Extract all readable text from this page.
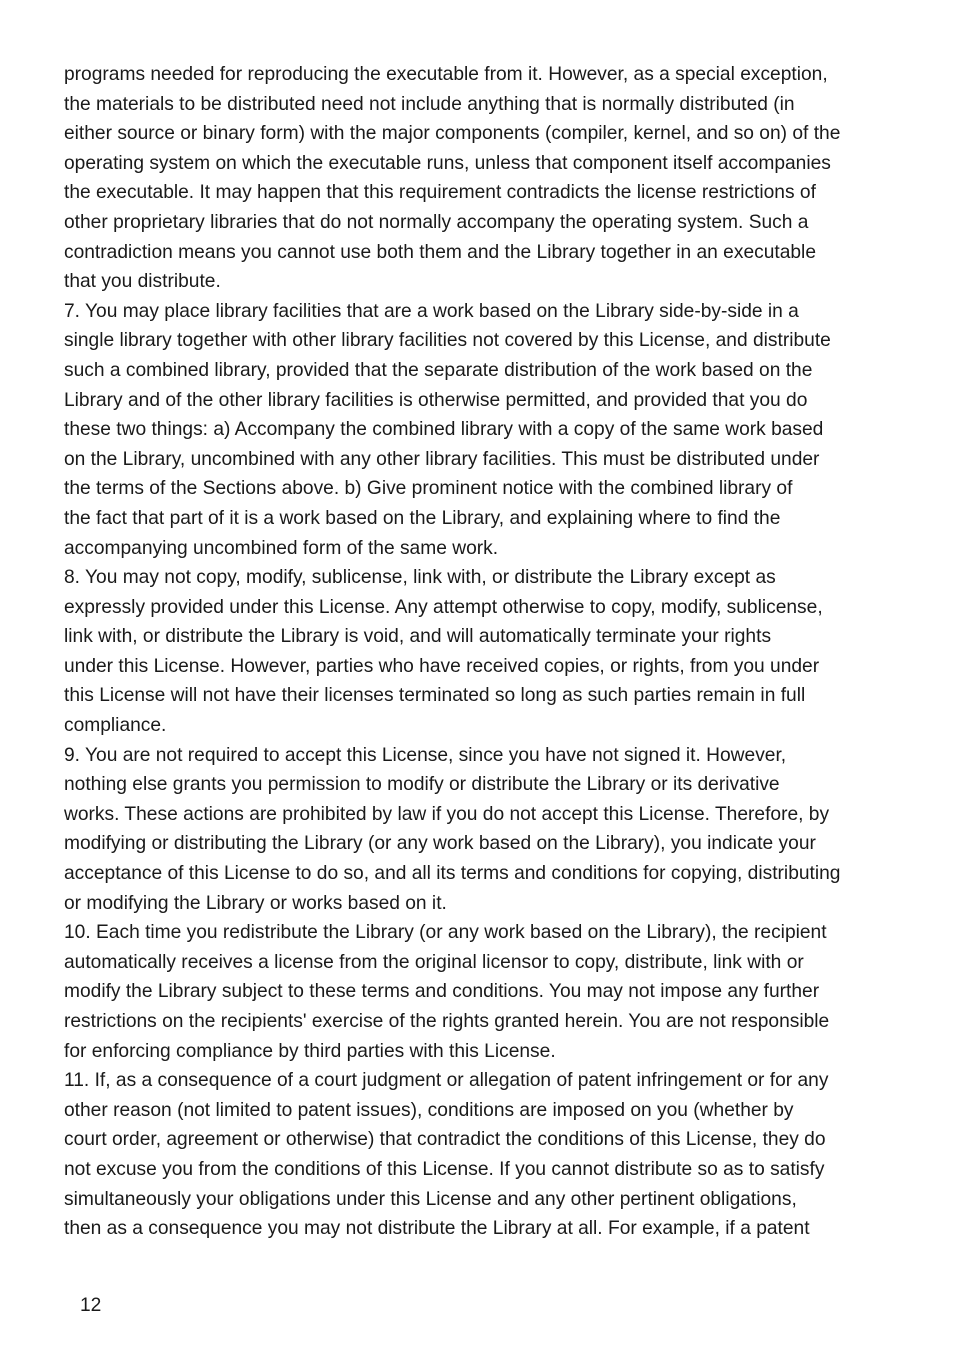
programs needed for reproducing the executable from it. However, as a special exception,
the materials to be distributed need not include anything that is normally distributed (in
either source or binary form) with the major components (compiler, kernel, and so on) of the
operating system on which the executable runs, unless that component itself accompanies
the executable. It may happen that this requirement contradicts the license restrictions of
other proprietary libraries that do not normally accompany the operating system. Such a
contradiction means you cannot use both them and the Library together in an executable
that you distribute.

7. You may place library facilities that are a work based on the Library side-by-side in a
single library together with other library facilities not covered by this License, and distribute
such a combined library, provided that the separate distribution of the work based on the
Library and of the other library facilities is otherwise permitted, and provided that you do
these two things: a) Accompany the combined library with a copy of the same work based
on the Library, uncombined with any other library facilities. This must be distributed under
the terms of the Sections above. b) Give prominent notice with the combined library of
the fact that part of it is a work based on the Library, and explaining where to find the
accompanying uncombined form of the same work.

8. You may not copy, modify, sublicense, link with, or distribute the Library except as
expressly provided under this License. Any attempt otherwise to copy, modify, sublicense,
link with, or distribute the Library is void, and will automatically terminate your rights
under this License. However, parties who have received copies, or rights, from you under
this License will not have their licenses terminated so long as such parties remain in full
compliance.

9. You are not required to accept this License, since you have not signed it. However,
nothing else grants you permission to modify or distribute the Library or its derivative
works. These actions are prohibited by law if you do not accept this License. Therefore, by
modifying or distributing the Library (or any work based on the Library), you indicate your
acceptance of this License to do so, and all its terms and conditions for copying, distributing
or modifying the Library or works based on it.

10. Each time you redistribute the Library (or any work based on the Library), the recipient
automatically receives a license from the original licensor to copy, distribute, link with or
modify the Library subject to these terms and conditions. You may not impose any further
restrictions on the recipients' exercise of the rights granted herein. You are not responsible
for enforcing compliance by third parties with this License.

11. If, as a consequence of a court judgment or allegation of patent infringement or for any
other reason (not limited to patent issues), conditions are imposed on you (whether by
court order, agreement or otherwise) that contradict the conditions of this License, they do
not excuse you from the conditions of this License. If you cannot distribute so as to satisfy
simultaneously your obligations under this License and any other pertinent obligations,
then as a consequence you may not distribute the Library at all. For example, if a patent

12
